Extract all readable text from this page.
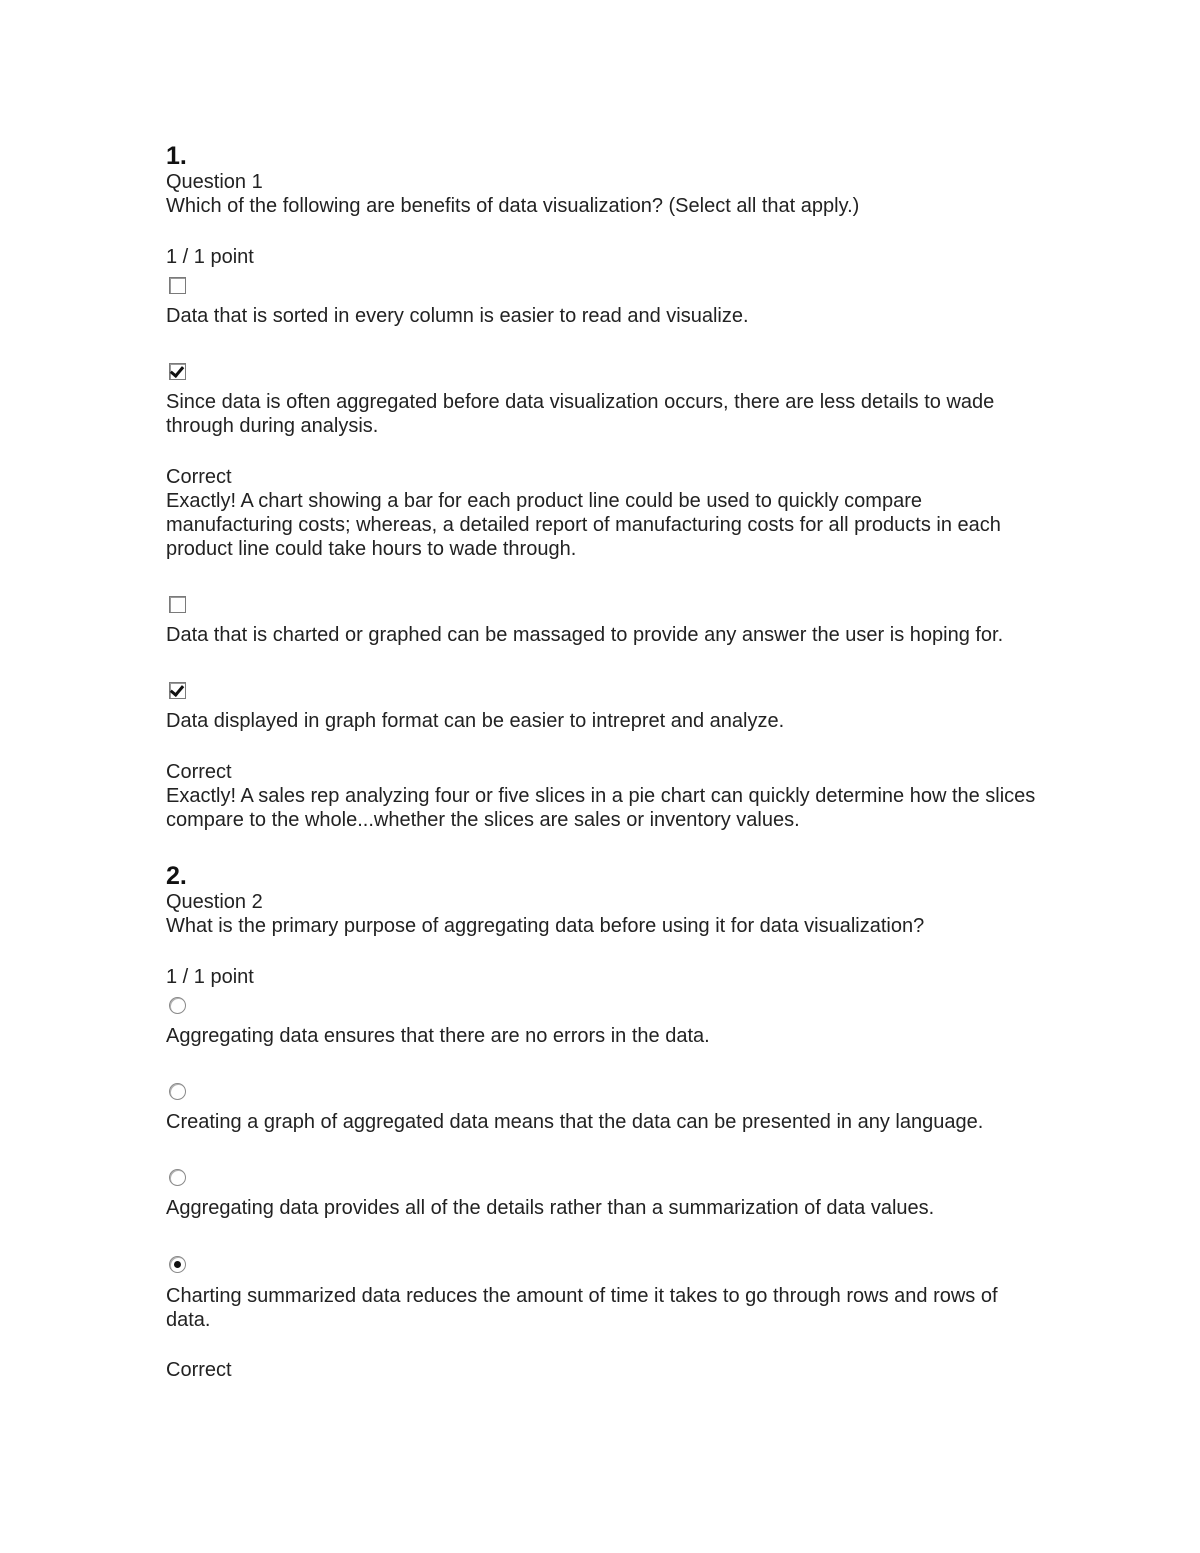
1.
Question 1
Which of the following are benefits of data visualization? (Select all that apply.)
1 / 1 point
Data that is sorted in every column is easier to read and visualize.
Since data is often aggregated before data visualization occurs, there are less details to wade through during analysis.
Correct
Exactly! A chart showing a bar for each product line could be used to quickly compare manufacturing costs; whereas, a detailed report of manufacturing costs for all products in each product line could take hours to wade through.
Data that is charted or graphed can be massaged to provide any answer the user is hoping for.
Data displayed in graph format can be easier to intrepret and analyze.
Correct
Exactly! A sales rep analyzing four or five slices in a pie chart can quickly determine how the slices compare to the whole...whether the slices are sales or inventory values.
2.
Question 2
What is the primary purpose of aggregating data before using it for data visualization?
1 / 1 point
Aggregating data ensures that there are no errors in the data.
Creating a graph of aggregated data means that the data can be presented in any language.
Aggregating data provides all of the details rather than a summarization of data values.
Charting summarized data reduces the amount of time it takes to go through rows and rows of data.
Correct
